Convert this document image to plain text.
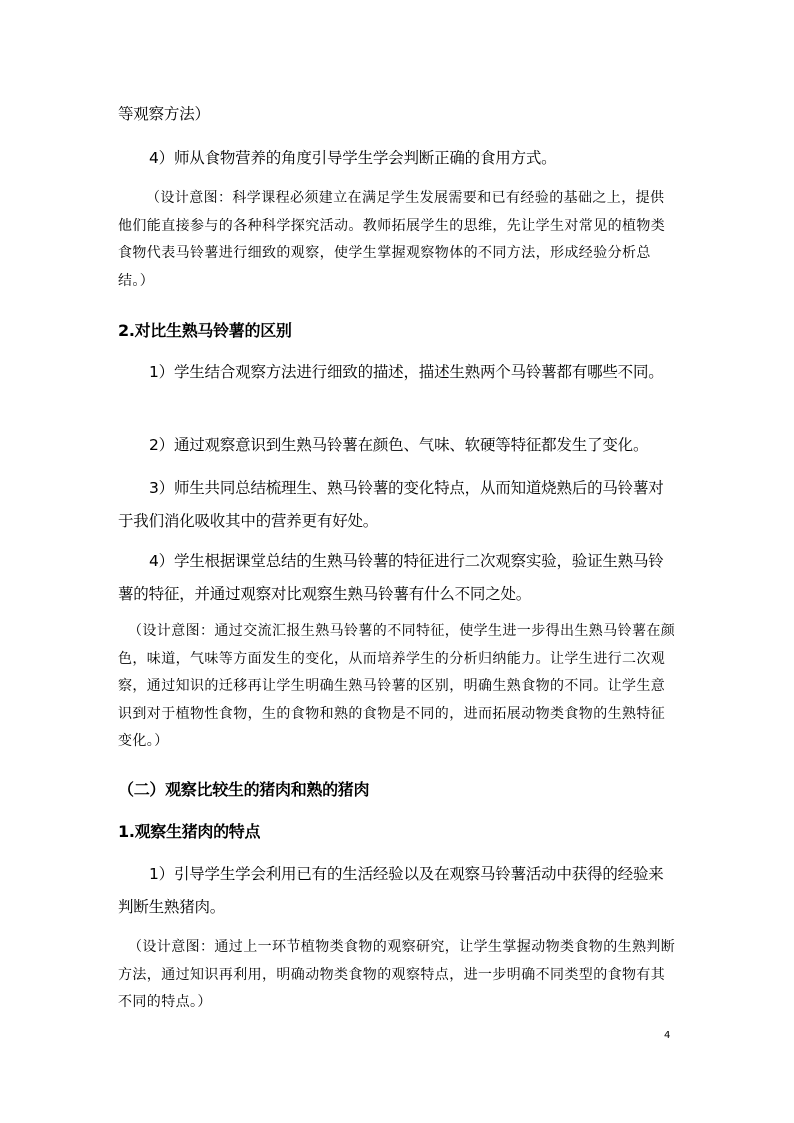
等观察方法）

4）师从食物营养的角度引导学生学会判断正确的食用方式。

（设计意图：科学课程必须建立在满足学生发展需要和已有经验的基础之上，提供他们能直接参与的各种科学探究活动。教师拓展学生的思维，先让学生对常见的植物类食物代表马铃薯进行细致的观察，使学生掌握观察物体的不同方法，形成经验分析总结。）

2.对比生熟马铃薯的区别

1）学生结合观察方法进行细致的描述，描述生熟两个马铃薯都有哪些不同。

2）通过观察意识到生熟马铃薯在颜色、气味、软硬等特征都发生了变化。

3）师生共同总结梳理生、熟马铃薯的变化特点，从而知道烧熟后的马铃薯对于我们消化吸收其中的营养更有好处。

4）学生根据课堂总结的生熟马铃薯的特征进行二次观察实验，验证生熟马铃薯的特征，并通过观察对比观察生熟马铃薯有什么不同之处。

（设计意图：通过交流汇报生熟马铃薯的不同特征，使学生进一步得出生熟马铃薯在颜色，味道，气味等方面发生的变化，从而培养学生的分析归纳能力。让学生进行二次观察，通过知识的迁移再让学生明确生熟马铃薯的区别，明确生熟食物的不同。让学生意识到对于植物性食物，生的食物和熟的食物是不同的，进而拓展动物类食物的生熟特征变化。）

（二）观察比较生的猪肉和熟的猪肉

1.观察生猪肉的特点

1）引导学生学会利用已有的生活经验以及在观察马铃薯活动中获得的经验来判断生熟猪肉。

（设计意图：通过上一环节植物类食物的观察研究，让学生掌握动物类食物的生熟判断方法，通过知识再利用，明确动物类食物的观察特点，进一步明确不同类型的食物有其不同的特点。）

4
